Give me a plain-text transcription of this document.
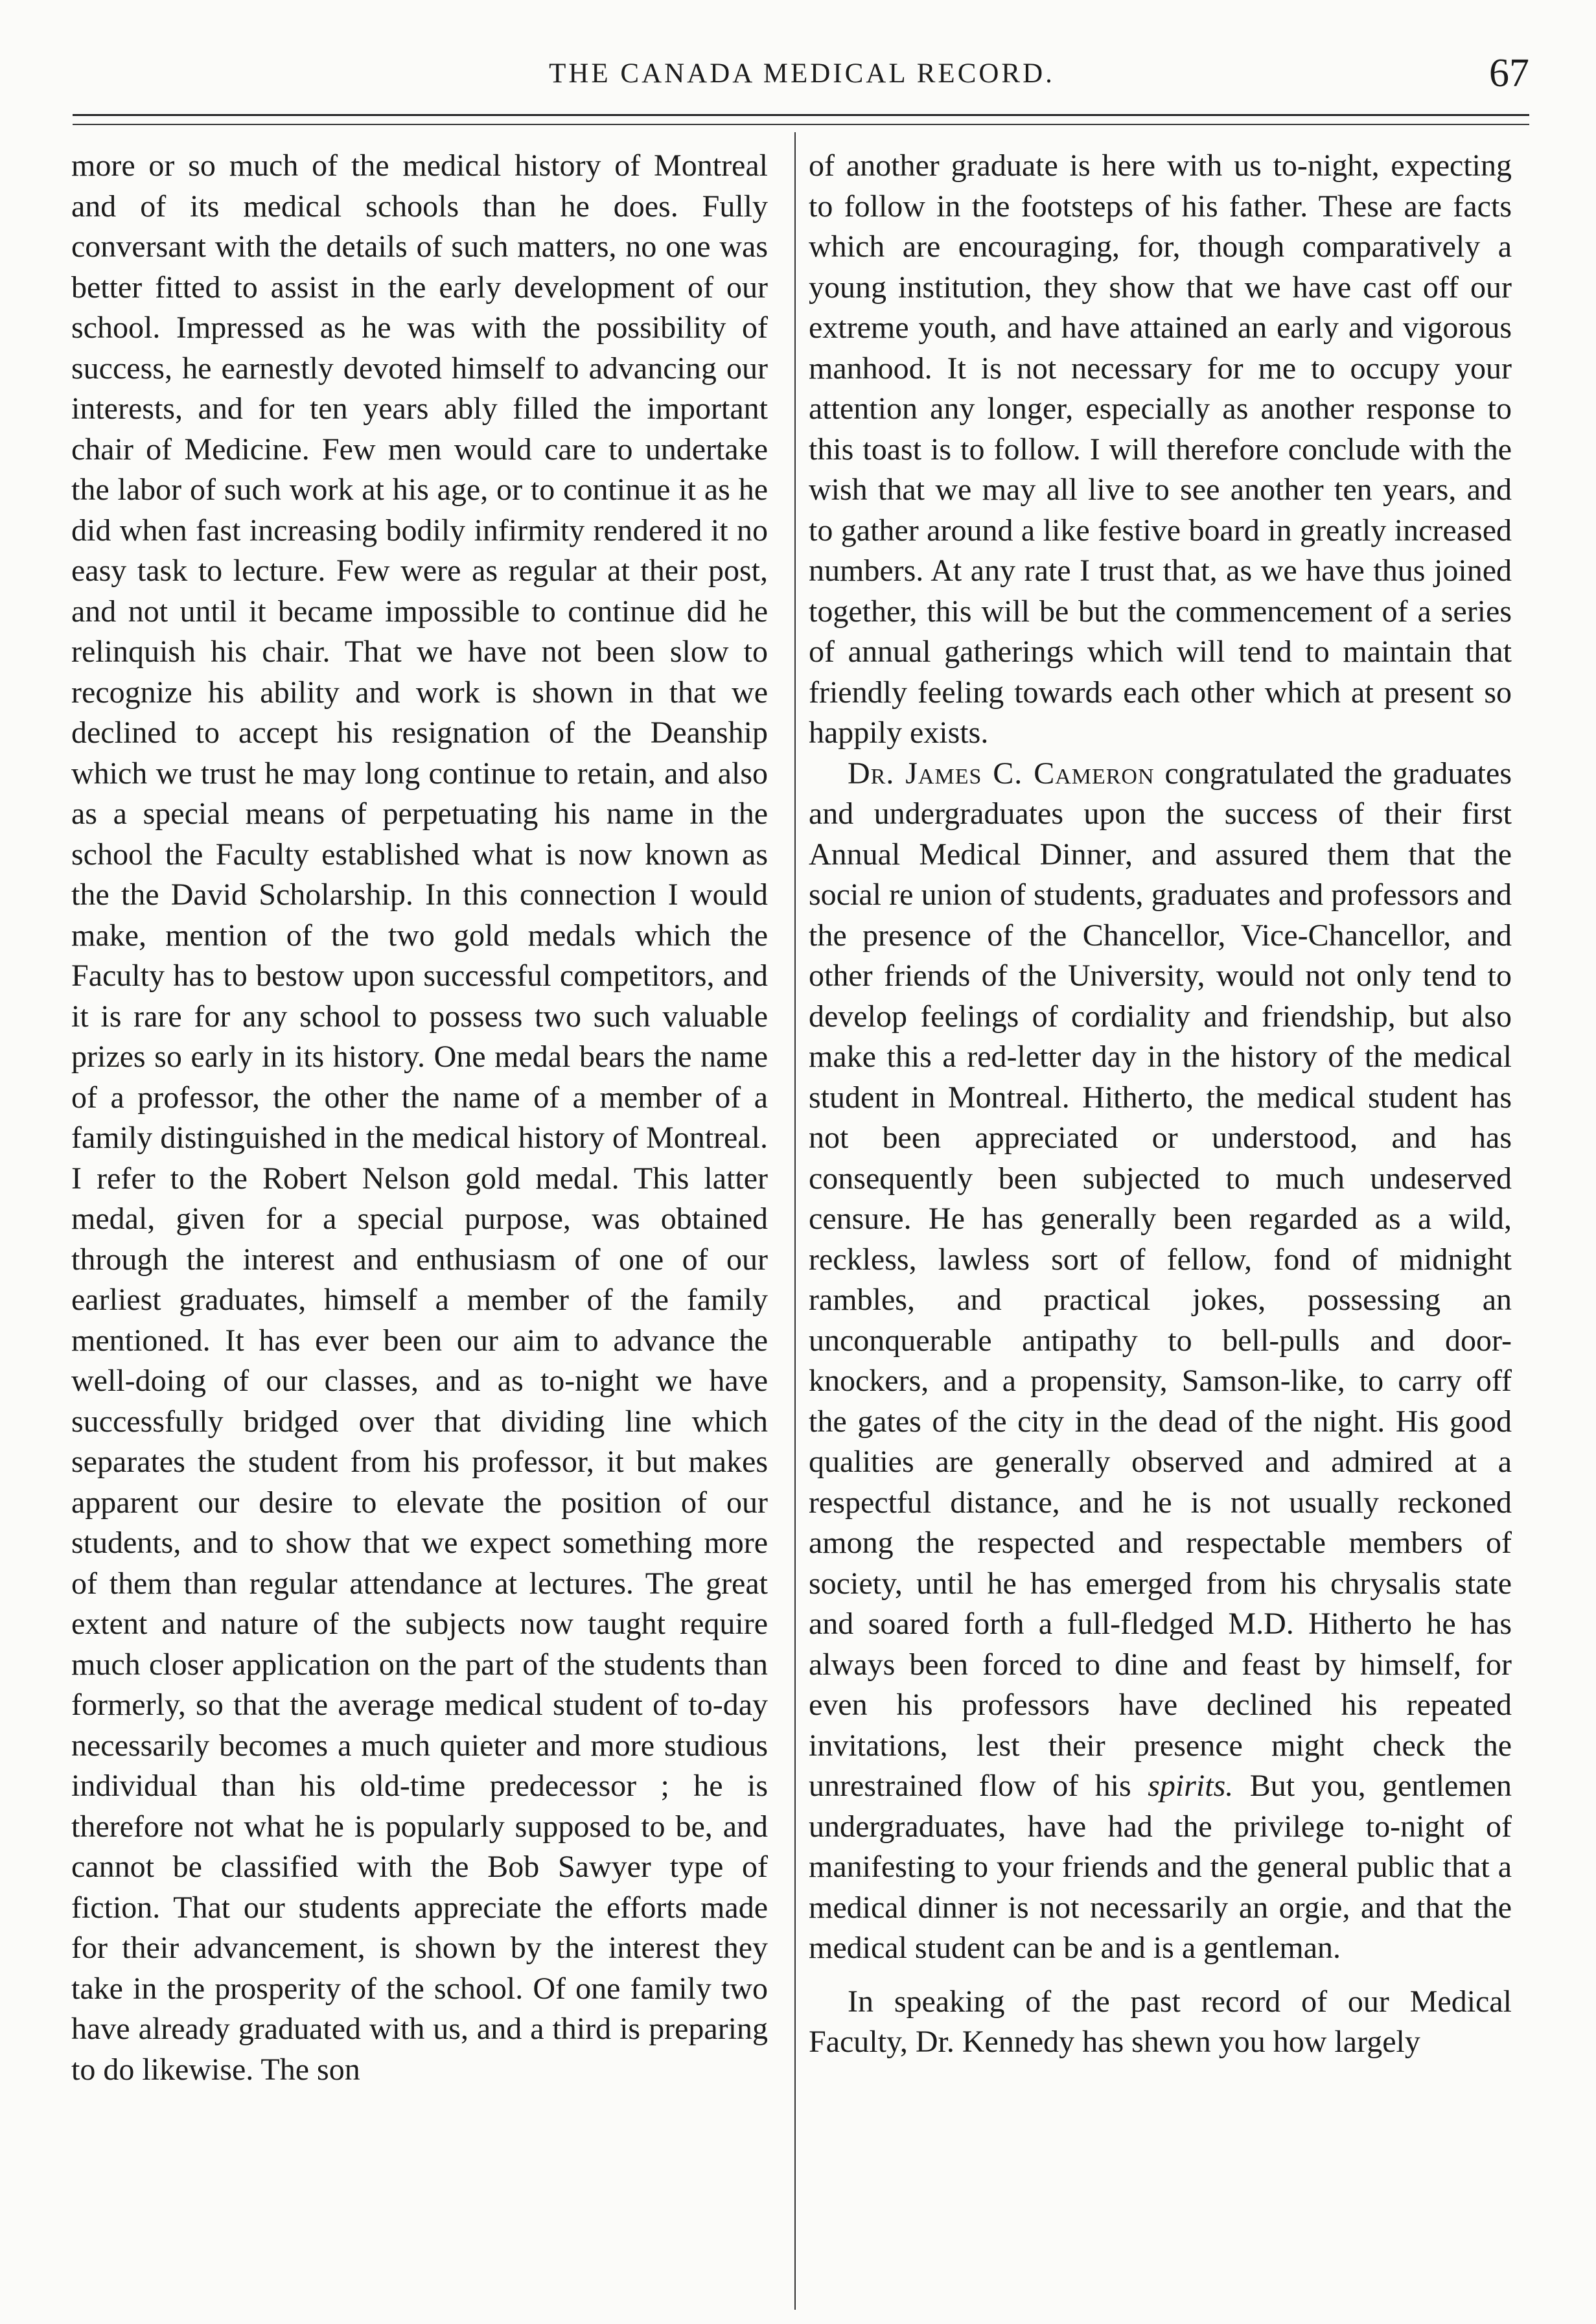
THE CANADA MEDICAL RECORD.	67

more or so much of the medical history of Montreal and of its medical schools than he does. Fully conversant with the details of such matters, no one was better fitted to assist in the early development of our school. Impressed as he was with the possibility of success, he earnestly devoted himself to advancing our interests, and for ten years ably filled the important chair of Medicine. Few men would care to undertake the labor of such work at his age, or to continue it as he did when fast increasing bodily infirmity rendered it no easy task to lecture. Few were as regular at their post, and not until it became impossible to continue did he relinquish his chair. That we have not been slow to recognize his ability and work is shown in that we declined to accept his resignation of the Deanship which we trust he may long continue to retain, and also as a special means of perpetuating his name in the school the Faculty established what is now known as the the David Scholarship. In this connection I would make, mention of the two gold medals which the Faculty has to bestow upon successful competitors, and it is rare for any school to possess two such valuable prizes so early in its history. One medal bears the name of a professor, the other the name of a member of a family distinguished in the medical history of Montreal. I refer to the Robert Nelson gold medal. This latter medal, given for a special purpose, was obtained through the interest and enthusiasm of one of our earliest graduates, himself a member of the family mentioned. It has ever been our aim to advance the well-doing of our classes, and as to-night we have successfully bridged over that dividing line which separates the student from his professor, it but makes apparent our desire to elevate the position of our students, and to show that we expect something more of them than regular attendance at lectures. The great extent and nature of the subjects now taught require much closer application on the part of the students than formerly, so that the average medical student of to-day necessarily becomes a much quieter and more studious individual than his old-time predecessor ; he is therefore not what he is popularly supposed to be, and cannot be classified with the Bob Sawyer type of fiction. That our students appreciate the efforts made for their advancement, is shown by the interest they take in the prosperity of the school. Of one family two have already graduated with us, and a third is preparing to do likewise. The son

of another graduate is here with us to-night, expecting to follow in the footsteps of his father. These are facts which are encouraging, for, though comparatively a young institution, they show that we have cast off our extreme youth, and have attained an early and vigorous manhood. It is not necessary for me to occupy your attention any longer, especially as another response to this toast is to follow. I will therefore conclude with the wish that we may all live to see another ten years, and to gather around a like festive board in greatly increased numbers. At any rate I trust that, as we have thus joined together, this will be but the commencement of a series of annual gatherings which will tend to maintain that friendly feeling towards each other which at present so happily exists.

Dr. James C. Cameron congratulated the graduates and undergraduates upon the success of their first Annual Medical Dinner, and assured them that the social re union of students, graduates and professors and the presence of the Chancellor, Vice-Chancellor, and other friends of the University, would not only tend to develop feelings of cordiality and friendship, but also make this a red-letter day in the history of the medical student in Montreal. Hitherto, the medical student has not been appreciated or understood, and has consequently been subjected to much undeserved censure. He has generally been regarded as a wild, reckless, lawless sort of fellow, fond of midnight rambles, and practical jokes, possessing an unconquerable antipathy to bell-pulls and door-knockers, and a propensity, Samson-like, to carry off the gates of the city in the dead of the night. His good qualities are generally observed and admired at a respectful distance, and he is not usually reckoned among the respected and respectable members of society, until he has emerged from his chrysalis state and soared forth a full-fledged M.D. Hitherto he has always been forced to dine and feast by himself, for even his professors have declined his repeated invitations, lest their presence might check the unrestrained flow of his spirits. But you, gentlemen undergraduates, have had the privilege to-night of manifesting to your friends and the general public that a medical dinner is not necessarily an orgie, and that the medical student can be and is a gentleman.

In speaking of the past record of our Medical Faculty, Dr. Kennedy has shewn you how largely
